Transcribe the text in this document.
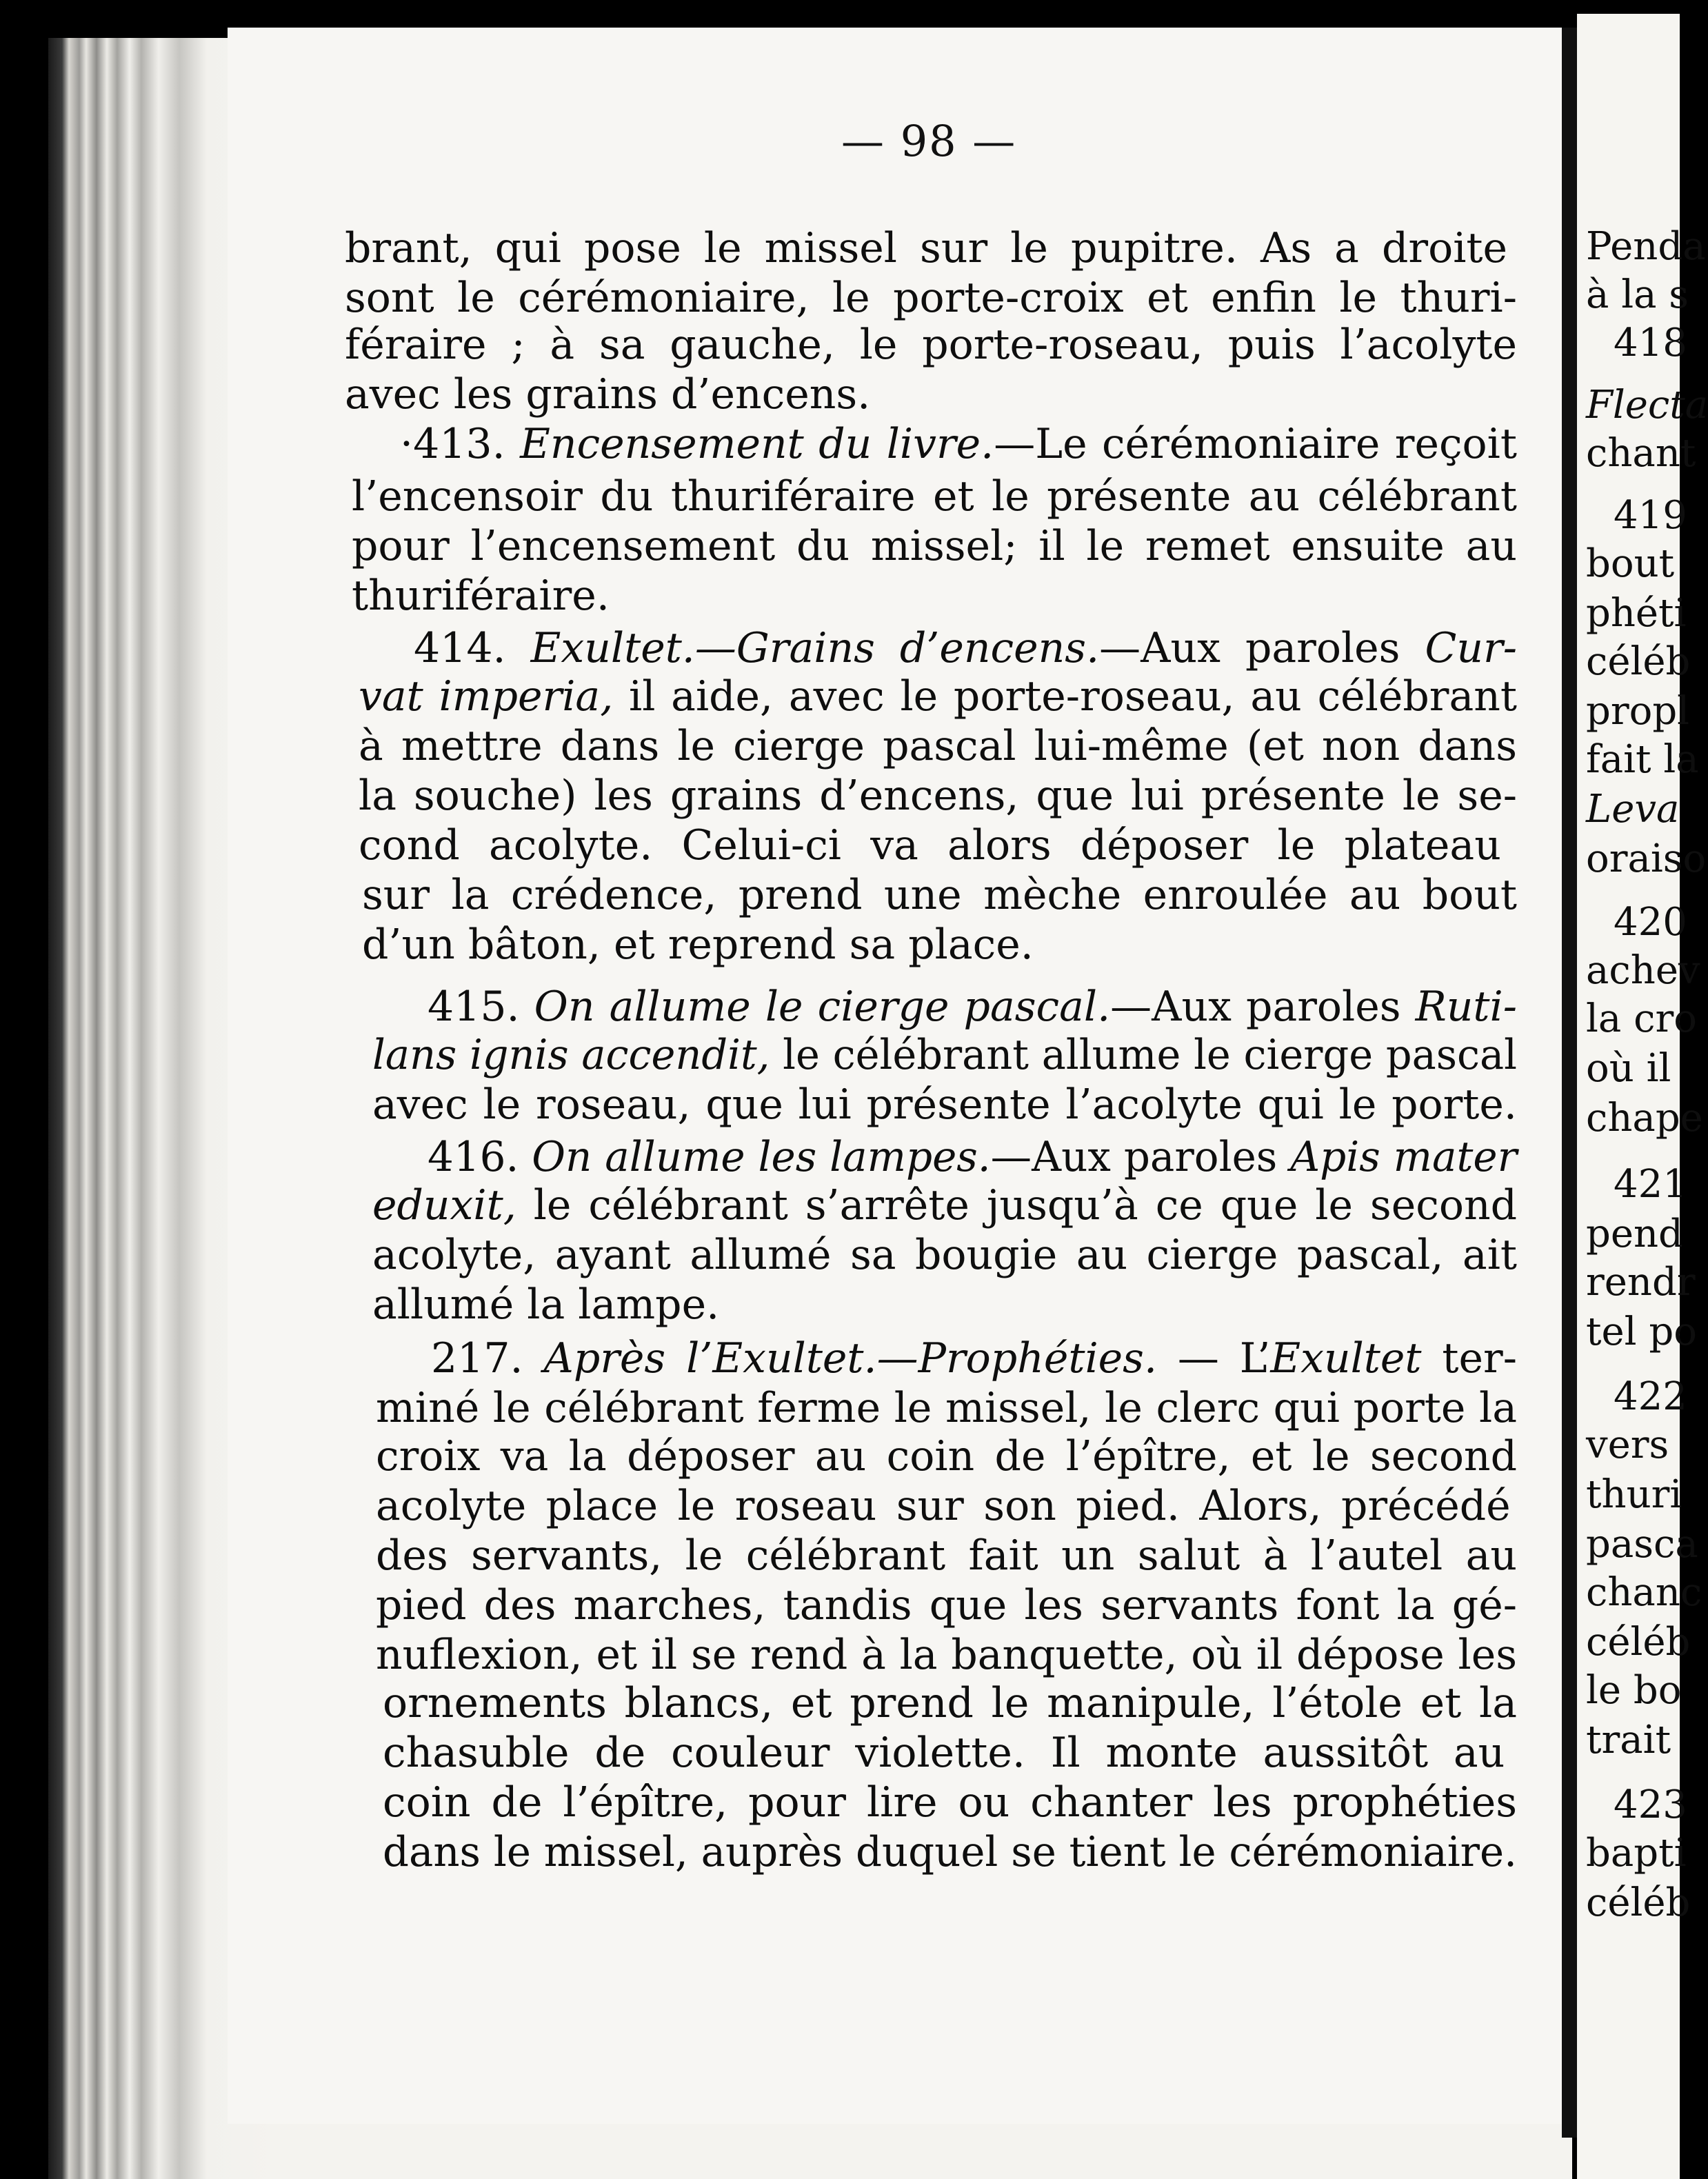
— 98 —
brant, qui pose le missel sur le pupitre. As a droite
sont le cérémoniaire, le porte-croix et enfin le thuri-
féraire ; à sa gauche, le porte-roseau, puis l’acolyte
avec les grains d’encens.
·413. Encensement du livre.—Le cérémoniaire reçoit
l’encensoir du thuriféraire et le présente au célébrant
pour l’encensement du missel; il le remet ensuite au
thuriféraire.
414. Exultet.—Grains d’encens.—Aux paroles Cur-
vat imperia, il aide, avec le porte-roseau, au célébrant
à mettre dans le cierge pascal lui-même (et non dans
la souche) les grains d’encens, que lui présente le se-
cond acolyte. Celui-ci va alors déposer le plateau
sur la crédence, prend une mèche enroulée au bout
d’un bâton, et reprend sa place.
415. On allume le cierge pascal.—Aux paroles Ruti-
lans ignis accendit, le célébrant allume le cierge pascal
avec le roseau, que lui présente l’acolyte qui le porte.
416. On allume les lampes.—Aux paroles Apis mater
eduxit, le célébrant s’arrête jusqu’à ce que le second
acolyte, ayant allumé sa bougie au cierge pascal, ait
allumé la lampe.
217. Après l’Exultet.—Prophéties. — L’Exultet ter-
miné le célébrant ferme le missel, le clerc qui porte la
croix va la déposer au coin de l’épître, et le second
acolyte place le roseau sur son pied. Alors, précédé
des servants, le célébrant fait un salut à l’autel au
pied des marches, tandis que les servants font la gé-
nuflexion, et il se rend à la banquette, où il dépose les
ornements blancs, et prend le manipule, l’étole et la
chasuble de couleur violette. Il monte aussitôt au
coin de l’épître, pour lire ou chanter les prophéties
dans le missel, auprès duquel se tient le cérémoniaire.
Penda
à la s
418
Flecta
chant
419
bout
phéti
céléb
propl
fait la
Leva
oraiso
420
achev
la cro
où il
chape
421
pend
rendr
tel po
422
vers
thuri
pasca
chanc
céléb
le bo
trait
423
bapti
céléb
